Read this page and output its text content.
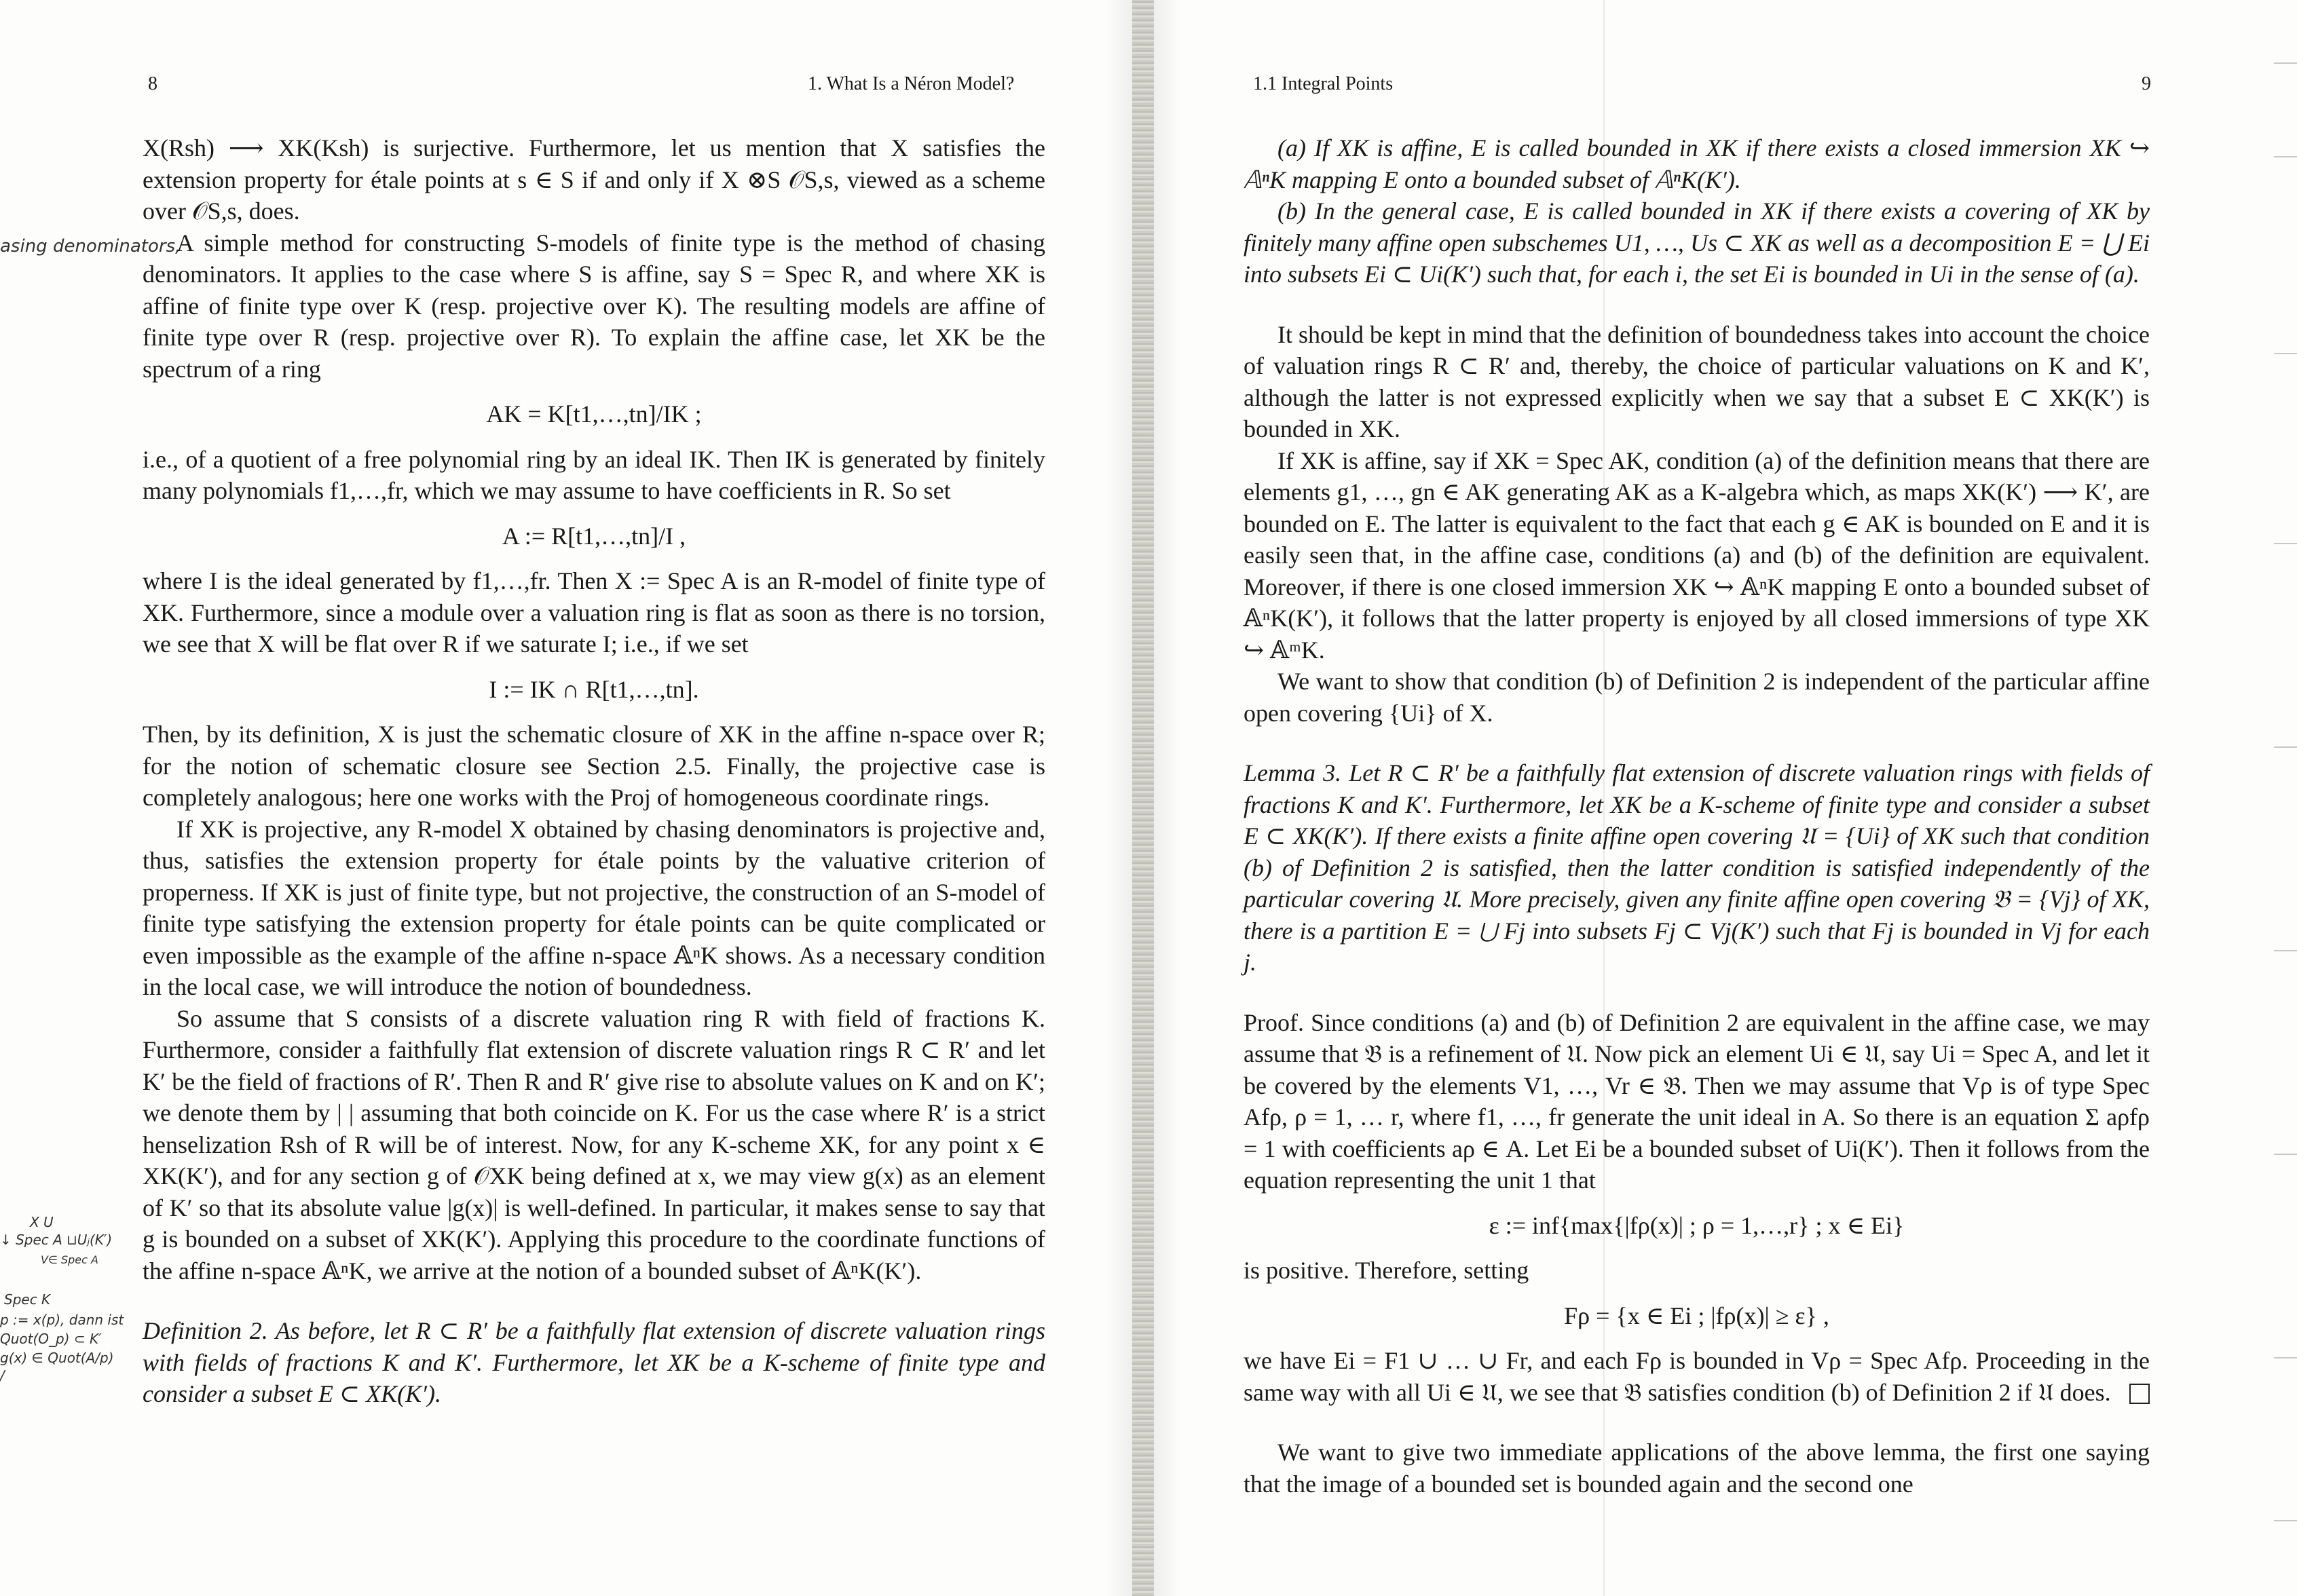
8	1. What Is a Néron Model?

X(Rsh) ⟶ XK(Ksh) is surjective. Furthermore, let us mention that X satisfies the extension property for étale points at s ∈ S if and only if X ⊗S 𝒪S,s, viewed as a scheme over 𝒪S,s, does.

A simple method for constructing S-models of finite type is the method of chasing denominators. It applies to the case where S is affine, say S = Spec R, and where XK is affine of finite type over K (resp. projective over K). The resulting models are affine of finite type over R (resp. projective over R). To explain the affine case, let XK be the spectrum of a ring

AK = K[t1,…,tn]/IK ;

i.e., of a quotient of a free polynomial ring by an ideal IK. Then IK is generated by finitely many polynomials f1,…,fr, which we may assume to have coefficients in R. So set

A := R[t1,…,tn]/I ,

where I is the ideal generated by f1,…,fr. Then X := Spec A is an R-model of finite type of XK. Furthermore, since a module over a valuation ring is flat as soon as there is no torsion, we see that X will be flat over R if we saturate I; i.e., if we set

I := IK ∩ R[t1,…,tn].

Then, by its definition, X is just the schematic closure of XK in the affine n-space over R; for the notion of schematic closure see Section 2.5. Finally, the projective case is completely analogous; here one works with the Proj of homogeneous coordinate rings.

If XK is projective, any R-model X obtained by chasing denominators is projective and, thus, satisfies the extension property for étale points by the valuative criterion of properness. If XK is just of finite type, but not projective, the construction of an S-model of finite type satisfying the extension property for étale points can be quite complicated or even impossible as the example of the affine n-space 𝔸ⁿK shows. As a necessary condition in the local case, we will introduce the notion of boundedness.

So assume that S consists of a discrete valuation ring R with field of fractions K. Furthermore, consider a faithfully flat extension of discrete valuation rings R ⊂ R′ and let K′ be the field of fractions of R′. Then R and R′ give rise to absolute values on K and on K′; we denote them by | | assuming that both coincide on K. For us the case where R′ is a strict henselization Rsh of R will be of interest. Now, for any K-scheme XK, for any point x ∈ XK(K′), and for any section g of 𝒪XK being defined at x, we may view g(x) as an element of K′ so that its absolute value |g(x)| is well-defined. In particular, it makes sense to say that g is bounded on a subset of XK(K′). Applying this procedure to the coordinate functions of the affine n-space 𝔸ⁿK, we arrive at the notion of a bounded subset of 𝔸ⁿK(K′).

Definition 2. As before, let R ⊂ R′ be a faithfully flat extension of discrete valuation rings with fields of fractions K and K′. Furthermore, let XK be a K-scheme of finite type and consider a subset E ⊂ XK(K′).

asing denominators,
X U
↓ Spec A ⊔Uⱼ(K′)
V∈ Spec A
Spec K
p := x(p), dann ist
Quot(O_p) ⊂ K′
g(x) ∈ Quot(A/p)
/
1.1 Integral Points	9

(a) If XK is affine, E is called bounded in XK if there exists a closed immersion XK ↪ 𝔸ⁿK mapping E onto a bounded subset of 𝔸ⁿK(K′).

(b) In the general case, E is called bounded in XK if there exists a covering of XK by finitely many affine open subschemes U1, …, Us ⊂ XK as well as a decomposition E = ⋃ Ei into subsets Ei ⊂ Ui(K′) such that, for each i, the set Ei is bounded in Ui in the sense of (a).

It should be kept in mind that the definition of boundedness takes into account the choice of valuation rings R ⊂ R′ and, thereby, the choice of particular valuations on K and K′, although the latter is not expressed explicitly when we say that a subset E ⊂ XK(K′) is bounded in XK.

If XK is affine, say if XK = Spec AK, condition (a) of the definition means that there are elements g1, …, gn ∈ AK generating AK as a K-algebra which, as maps XK(K′) ⟶ K′, are bounded on E. The latter is equivalent to the fact that each g ∈ AK is bounded on E and it is easily seen that, in the affine case, conditions (a) and (b) of the definition are equivalent. Moreover, if there is one closed immersion XK ↪ 𝔸ⁿK mapping E onto a bounded subset of 𝔸ⁿK(K′), it follows that the latter property is enjoyed by all closed immersions of type XK ↪ 𝔸ᵐK.

We want to show that condition (b) of Definition 2 is independent of the particular affine open covering {Ui} of X.

Lemma 3. Let R ⊂ R′ be a faithfully flat extension of discrete valuation rings with fields of fractions K and K′. Furthermore, let XK be a K-scheme of finite type and consider a subset E ⊂ XK(K′). If there exists a finite affine open covering 𝔘 = {Ui} of XK such that condition (b) of Definition 2 is satisfied, then the latter condition is satisfied independently of the particular covering 𝔘. More precisely, given any finite affine open covering 𝔅 = {Vj} of XK, there is a partition E = ⋃ Fj into subsets Fj ⊂ Vj(K′) such that Fj is bounded in Vj for each j.

Proof. Since conditions (a) and (b) of Definition 2 are equivalent in the affine case, we may assume that 𝔅 is a refinement of 𝔘. Now pick an element Ui ∈ 𝔘, say Ui = Spec A, and let it be covered by the elements V1, …, Vr ∈ 𝔅. Then we may assume that Vρ is of type Spec Afρ, ρ = 1, … r, where f1, …, fr generate the unit ideal in A. So there is an equation Σ aρfρ = 1 with coefficients aρ ∈ A. Let Ei be a bounded subset of Ui(K′). Then it follows from the equation representing the unit 1 that

ε := inf{max{|fρ(x)| ; ρ = 1,…,r} ; x ∈ Ei}

is positive. Therefore, setting

Fρ = {x ∈ Ei ; |fρ(x)| ≥ ε} ,

we have Ei = F1 ∪ … ∪ Fr, and each Fρ is bounded in Vρ = Spec Afρ. Proceeding in the same way with all Ui ∈ 𝔘, we see that 𝔅 satisfies condition (b) of Definition 2 if 𝔘 does.

We want to give two immediate applications of the above lemma, the first one saying that the image of a bounded set is bounded again and the second one
